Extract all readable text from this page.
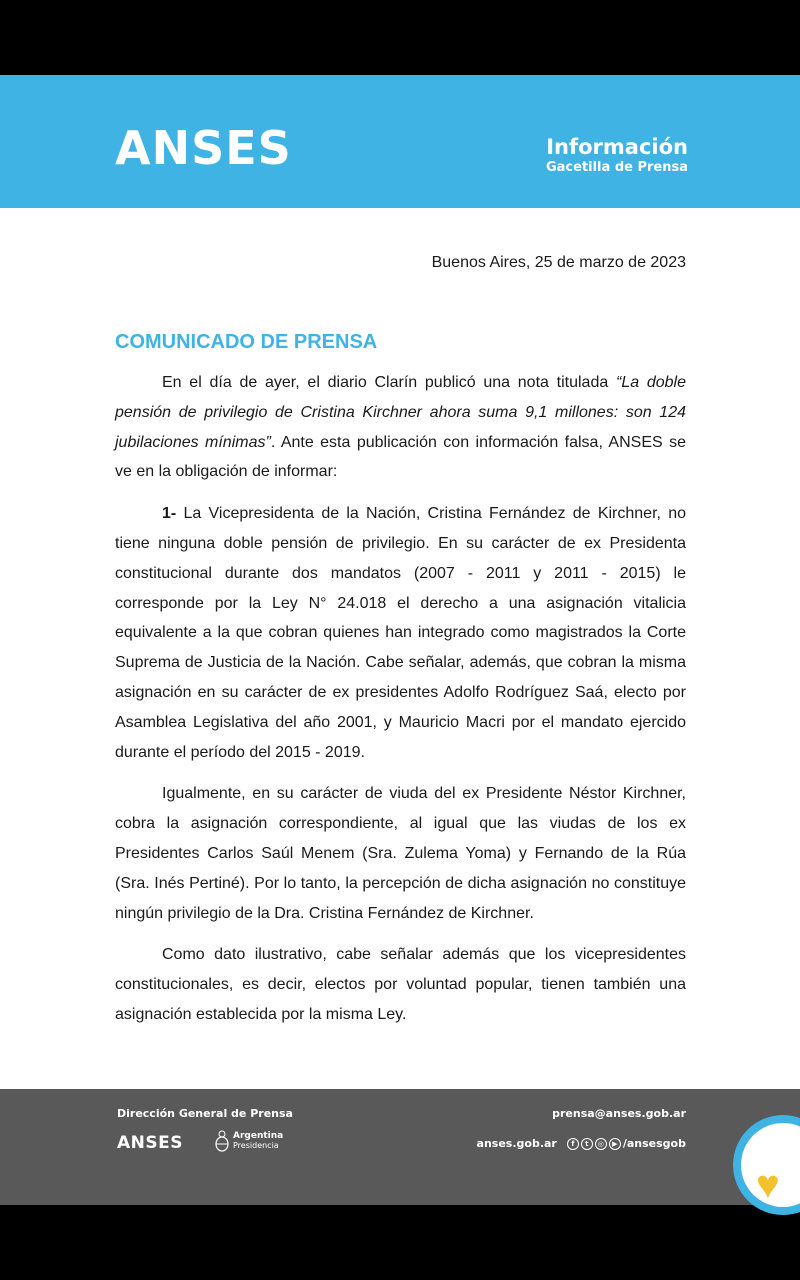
ANSES	Información
Gacetilla de Prensa
Buenos Aires, 25 de marzo de 2023
COMUNICADO DE PRENSA

En el día de ayer, el diario Clarín publicó una nota titulada “La doble pensión de privilegio de Cristina Kirchner ahora suma 9,1 millones: son 124 jubilaciones mínimas”. Ante esta publicación con información falsa, ANSES se ve en la obligación de informar:

1- La Vicepresidenta de la Nación, Cristina Fernández de Kirchner, no tiene ninguna doble pensión de privilegio. En su carácter de ex Presidenta constitucional durante dos mandatos (2007 - 2011 y 2011 - 2015) le corresponde por la Ley N° 24.018 el derecho a una asignación vitalicia equivalente a la que cobran quienes han integrado como magistrados la Corte Suprema de Justicia de la Nación. Cabe señalar, además, que cobran la misma asignación en su carácter de ex presidentes Adolfo Rodríguez Saá, electo por Asamblea Legislativa del año 2001, y Mauricio Macri por el mandato ejercido durante el período del 2015 - 2019.

Igualmente, en su carácter de viuda del ex Presidente Néstor Kirchner, cobra la asignación correspondiente, al igual que las viudas de los ex Presidentes Carlos Saúl Menem (Sra. Zulema Yoma) y Fernando de la Rúa (Sra. Inés Pertiné). Por lo tanto, la percepción de dicha asignación no constituye ningún privilegio de la Dra. Cristina Fernández de Kirchner.

Como dato ilustrativo, cabe señalar además que los vicepresidentes constitucionales, es decir, electos por voluntad popular, tienen también una asignación establecida por la misma Ley.

Dirección General de Prensa
ANSES	Argentina
Presidencia
prensa@anses.gob.ar
anses.gob.ar	f	t	◎	▶ /ansesgob
♥
